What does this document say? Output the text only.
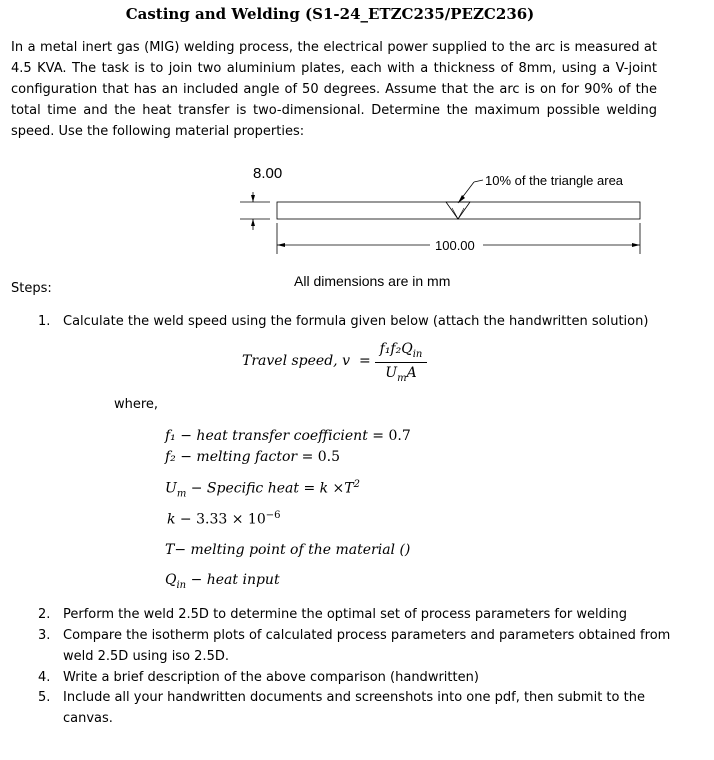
Casting and Welding (S1-24_ETZC235/PEZC236)
In a metal inert gas (MIG) welding process, the electrical power supplied to the arc is measured at 4.5 KVA. The task is to join two aluminium plates, each with a thickness of 8mm, using a V-joint configuration that has an included angle of 50 degrees. Assume that the arc is on for 90% of the total time and the heat transfer is two-dimensional. Determine the maximum possible welding speed. Use the following material properties:
8.00	10% of the triangle area
100.00
All dimensions are in mm
Steps:
1. Calculate the weld speed using the formula given below (attach the handwritten solution)
Travel speed, v =
$f_1f_2Q_{in}$
$U_mA$
where,
f₁ − heat transfer coefficient = 0.7
f₂ − melting factor = 0.5
$U_m$ − Specific heat = $k \times T^2$
$k - 3.33 \times 10^{-6}$
T− melting point of the material ()
$Q_{in}$ − heat input
2. Perform the weld 2.5D to determine the optimal set of process parameters for welding
3. Compare the isotherm plots of calculated process parameters and parameters obtained from
weld 2.5D using iso 2.5D.
4. Write a brief description of the above comparison (handwritten)
5. Include all your handwritten documents and screenshots into one pdf, then submit to the
canvas.
